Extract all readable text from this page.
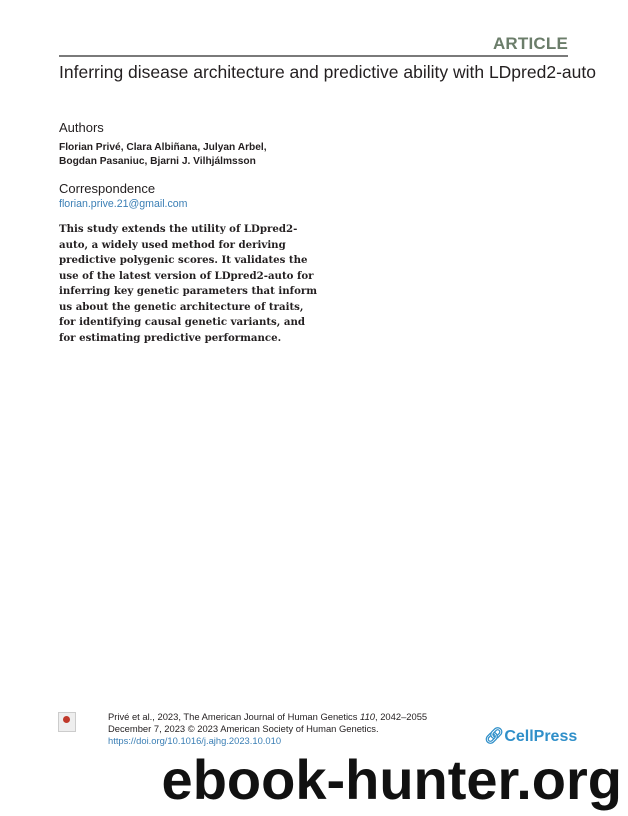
ARTICLE
Inferring disease architecture and predictive ability with LDpred2-auto
Authors
Florian Privé, Clara Albiñana, Julyan Arbel,
Bogdan Pasaniuc, Bjarni J. Vilhjálmsson
Correspondence
florian.prive.21@gmail.com
This study extends the utility of LDpred2-auto, a widely used method for deriving predictive polygenic scores. It validates the use of the latest version of LDpred2-auto for inferring key genetic parameters that inform us about the genetic architecture of traits, for identifying causal genetic variants, and for estimating predictive performance.
Privé et al., 2023, The American Journal of Human Genetics 110, 2042–2055
December 7, 2023 © 2023 American Society of Human Genetics.
https://doi.org/10.1016/j.ajhg.2023.10.010	🔗︎CellPress
ebook-hunter.org
